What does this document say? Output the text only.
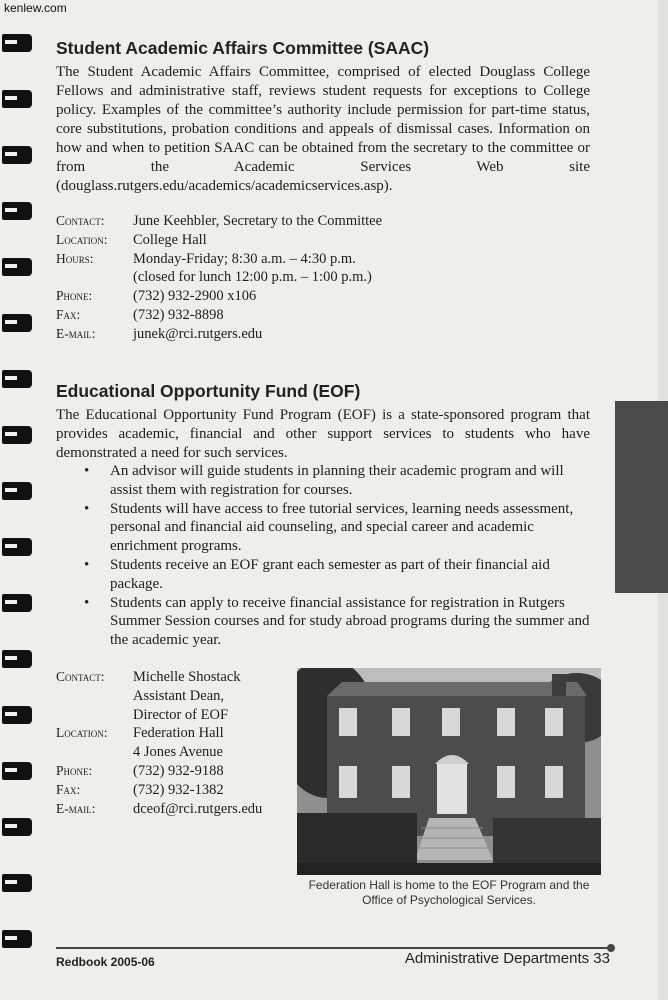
kenlew.com
Student Academic Affairs Committee (SAAC)

The Student Academic Affairs Committee, comprised of elected Douglass College Fellows and administrative staff, reviews student requests for exceptions to College policy. Examples of the committee’s authority include permission for part-time status, core substitutions, probation conditions and appeals of dismissal cases. Information on how and when to petition SAAC can be obtained from the secretary to the committee or from the Academic Services Web site (douglass.rutgers.edu/academics/academicservices.asp).

Contact:	June Keehbler, Secretary to the Committee
Location:	College Hall
Hours:	Monday-Friday; 8:30 a.m. – 4:30 p.m.
(closed for lunch 12:00 p.m. – 1:00 p.m.)
Phone:	(732) 932-2900 x106
Fax:	(732) 932-8898
E-mail:	junek@rci.rutgers.edu
Educational Opportunity Fund (EOF)

The Educational Opportunity Fund Program (EOF) is a state-sponsored program that provides academic, financial and other support services to students who have demonstrated a need for such services.

• An advisor will guide students in planning their academic program and will assist them with registration for courses.
• Students will have access to free tutorial services, learning needs assessment, personal and financial aid counseling, and special career and academic enrichment programs.
• Students receive an EOF grant each semester as part of their financial aid package.
• Students can apply to receive financial assistance for registration in Rutgers Summer Session courses and for study abroad programs during the summer and the academic year.
Contact:	Michelle Shostack
Assistant Dean,
Director of EOF
Location:	Federation Hall
4 Jones Avenue
Phone:	(732) 932-9188
Fax:	(732) 932-1382
E-mail:	dceof@rci.rutgers.edu
Federation Hall is home to the EOF Program and the Office of Psychological Services.
Redbook 2005-06	Administrative Departments 33
